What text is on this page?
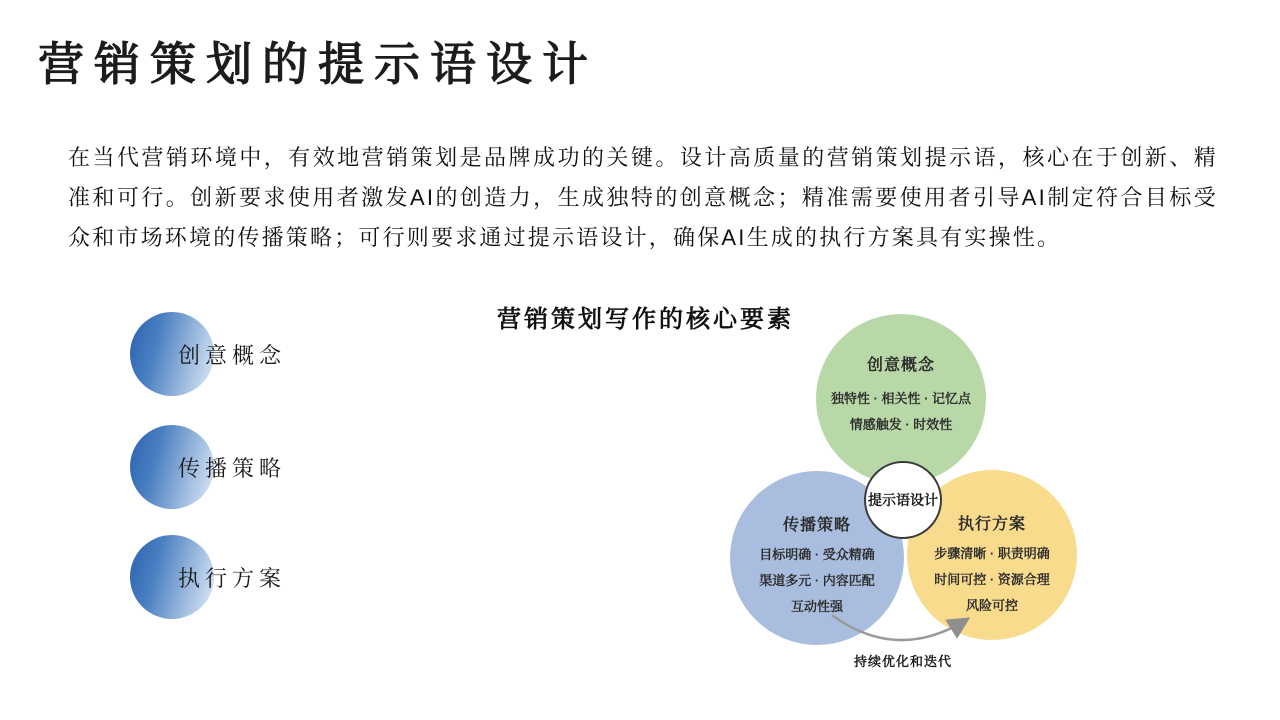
营销策划的提示语设计

在当代营销环境中，有效地营销策划是品牌成功的关键。设计高质量的营销策划提示语，核心在于创新、精准和可行。创新要求使用者激发AI的创造力，生成独特的创意概念；精准需要使用者引导AI制定符合目标受众和市场环境的传播策略；可行则要求通过提示语设计，确保AI生成的执行方案具有实操性。

创意概念
传播策略
执行方案
营销策划写作的核心要素
创意概念
独特性 · 相关性 · 记忆点
情感触发 · 时效性
传播策略
目标明确 · 受众精确
渠道多元 · 内容匹配
互动性强
执行方案
步骤清晰 · 职责明确
时间可控 · 资源合理
风险可控
提示语设计
持续优化和迭代
